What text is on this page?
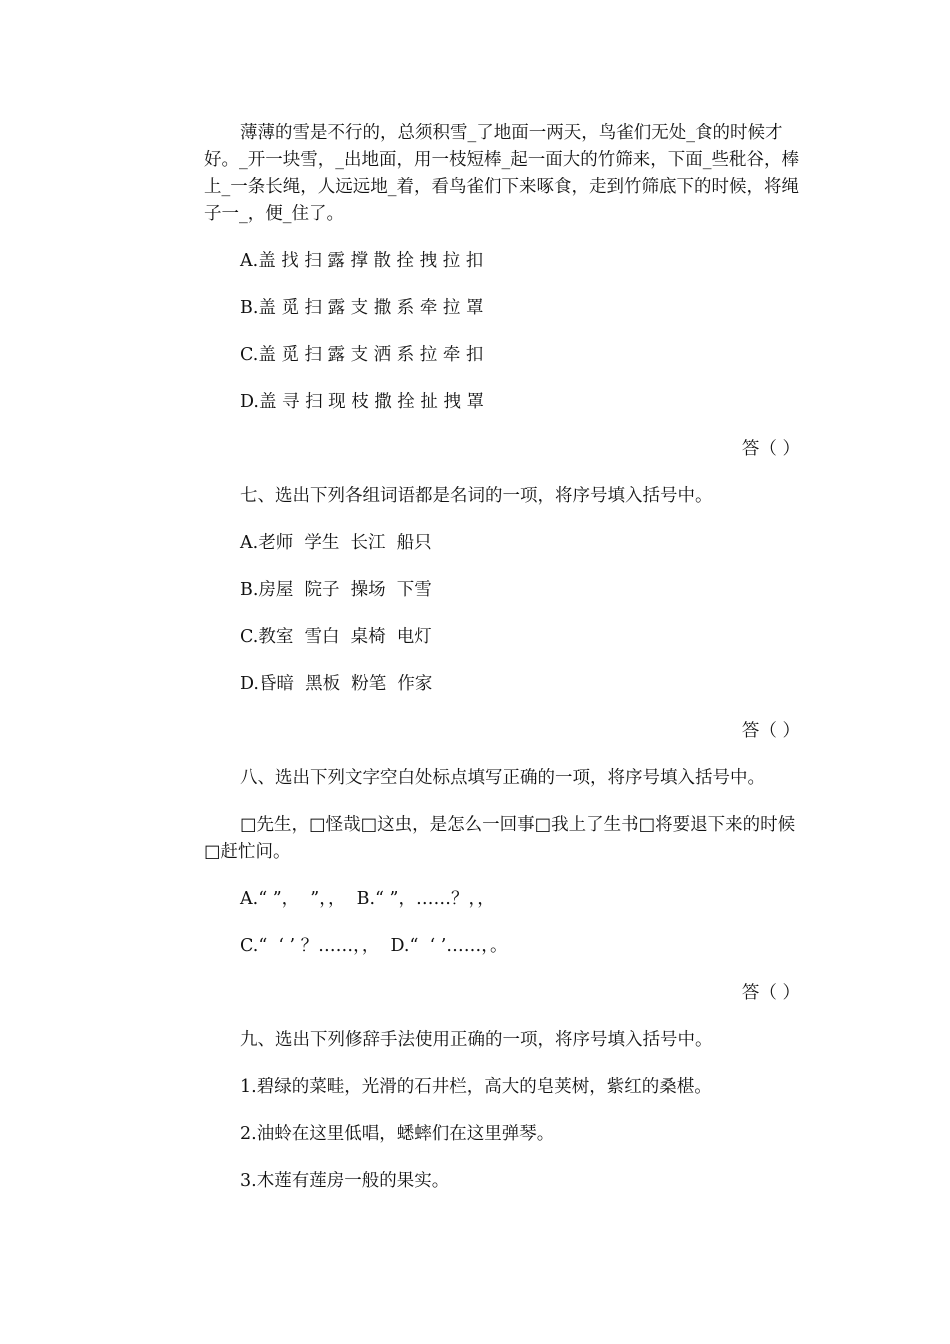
薄薄的雪是不行的，总须积雪_了地面一两天，鸟雀们无处_食的时候才好。_开一块雪，_出地面，用一枝短棒_起一面大的竹筛来，下面_些秕谷，棒上_一条长绳，人远远地_着，看鸟雀们下来啄食，走到竹筛底下的时候，将绳子一_，便_住了。

A.盖 找 扫 露 撑 散 拴 拽 拉 扣

B.盖 觅 扫 露 支 撒 系 牵 拉 罩

C.盖 觅 扫 露 支 洒 系 拉 牵 扣

D.盖 寻 扫 现 枝 撒 拴 扯 拽 罩

答（ ）

七、选出下列各组词语都是名词的一项，将序号填入括号中。

A.老师  学生  长江  船只

B.房屋  院子  操场  下雪

C.教室  雪白  桌椅  电灯

D.昏暗  黑板  粉笔  作家

答（ ）

八、选出下列文字空白处标点填写正确的一项，将序号填入括号中。

□先生，□怪哉□这虫，是怎么一回事□我上了生书□将要退下来的时候□赶忙问。

A.“ ”，  ”，，  B.“ ”，……？，，

C.“  ‘ ’ ？……，，  D.“  ‘ ’……，。

答（ ）

九、选出下列修辞手法使用正确的一项，将序号填入括号中。

1.碧绿的菜畦，光滑的石井栏，高大的皂荚树，紫红的桑椹。

2.油蛉在这里低唱，蟋蟀们在这里弹琴。

3.木莲有莲房一般的果实。
